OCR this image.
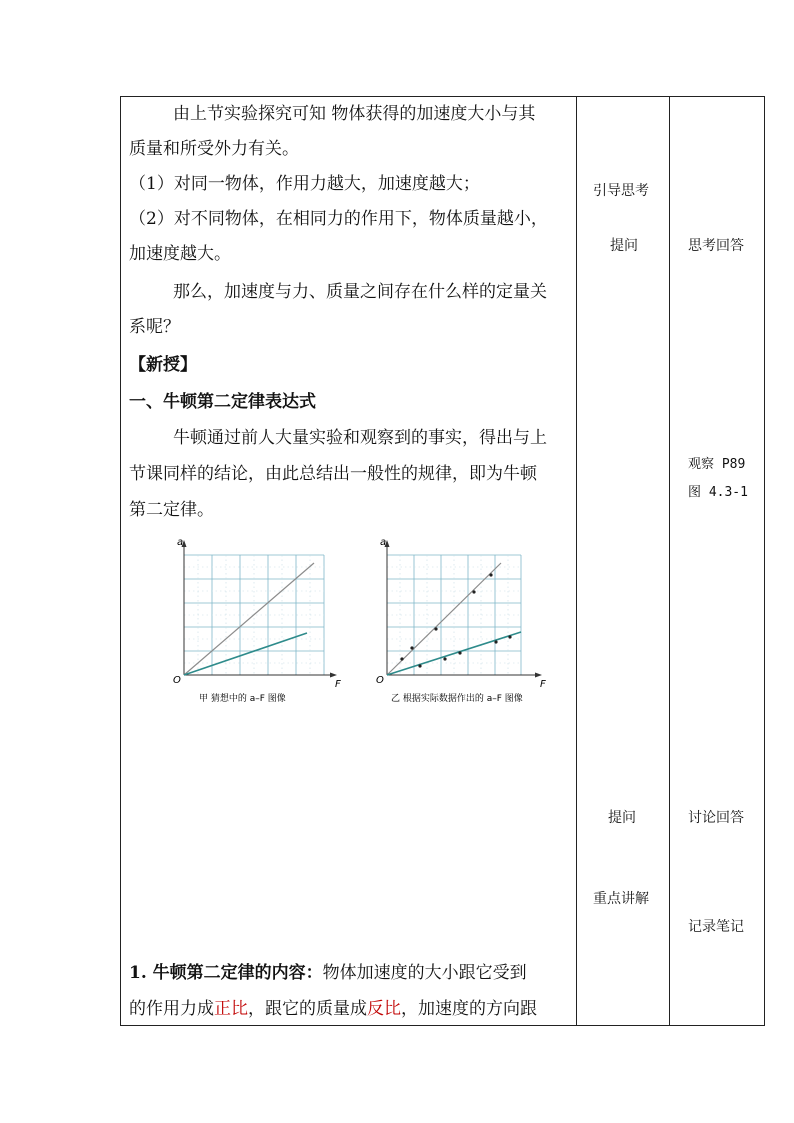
由上节实验探究可知 物体获得的加速度大小与其
质量和所受外力有关。
（1）对同一物体，作用力越大，加速度越大；
（2）对不同物体，在相同力的作用下，物体质量越小，
加速度越大。
那么，加速度与力、质量之间存在什么样的定量关
系呢？
【新授】
一、牛顿第二定律表达式
牛顿通过前人大量实验和观察到的事实，得出与上
节课同样的结论，由此总结出一般性的规律，即为牛顿
第二定律。
a
F
O
甲 猜想中的 a–F 图像
a
F
O
乙 根据实际数据作出的 a–F 图像
1. 牛顿第二定律的内容：物体加速度的大小跟它受到
的作用力成正比，跟它的质量成反比，加速度的方向跟
引导思考
提问
提问
重点讲解
思考回答
观察 P89
图 4.3-1
讨论回答
记录笔记
